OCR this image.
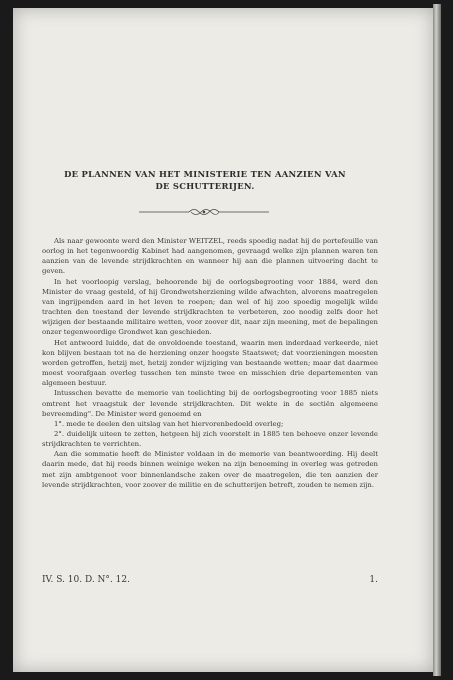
DE PLANNEN VAN HET MINISTERIE TEN AANZIEN VAN DE SCHUTTERIJEN.

Als naar gewoonte werd den Minister WEITZEL, reeds spoedig nadat hij de portefeuille van oorlog in het tegenwoordig Kabinet had aangenomen, gevraagd welke zijn plannen waren ten aanzien van de levende strijdkrachten en wanneer hij aan die plannen uitvoering dacht te geven.

In het voorloopig verslag, behoorende bij de oorlogsbegrooting voor 1884, werd den Minister de vraag gesteld, of hij Grondwetsherziening wilde afwachten, alvorens maatregelen van ingrijpenden aard in het leven te roepen; dan wel of hij zoo spoedig mogelijk wilde trachten den toestand der levende strijdkrachten te verbeteren, zoo noodig zelfs door het wijzigen der bestaande militaire wetten, voor zoover dit, naar zijn meening, met de bepalingen onzer tegenwoordige Grondwet kan geschieden.

Het antwoord luidde, dat de onvoldoende toestand, waarin men inderdaad verkeerde, niet kon blijven bestaan tot na de herziening onzer hoogste Staatswet; dat voorzieningen moesten worden getroffen, hetzij met, hetzij zonder wijziging van bestaande wetten; maar dat daarmee moest voorafgaan overleg tusschen ten minste twee en misschien drie departementen van algemeen bestuur.

Intusschen bevatte de memorie van toelichting bij de oorlogsbegrooting voor 1885 niets omtrent het vraagstuk der levende strijdkrachten. Dit wekte in de sectiën algemeene bevreemding". De Minister werd genoemd en

1°. mede te deelen den uitslag van het hiervorenbedoeld overleg;

2°. duidelijk uiteen te zetten, hetgeen hij zich voorstelt in 1885 ten behoeve onzer levende strijdkrachten te verrichten.

Aan die sommatie heeft de Minister voldaan in de memorie van beantwoording. Hij deelt daarin mede, dat hij reeds binnen weinige weken na zijn benoeming in overleg was getreden met zijn ambtgenoot voor binnenlandsche zaken over de maatregelen, die ten aanzien der levende strijdkrachten, voor zoover de militie en de schutterijen betreft, zouden te nemen zijn.

IV. S. 10. D. N°. 12.	1.
